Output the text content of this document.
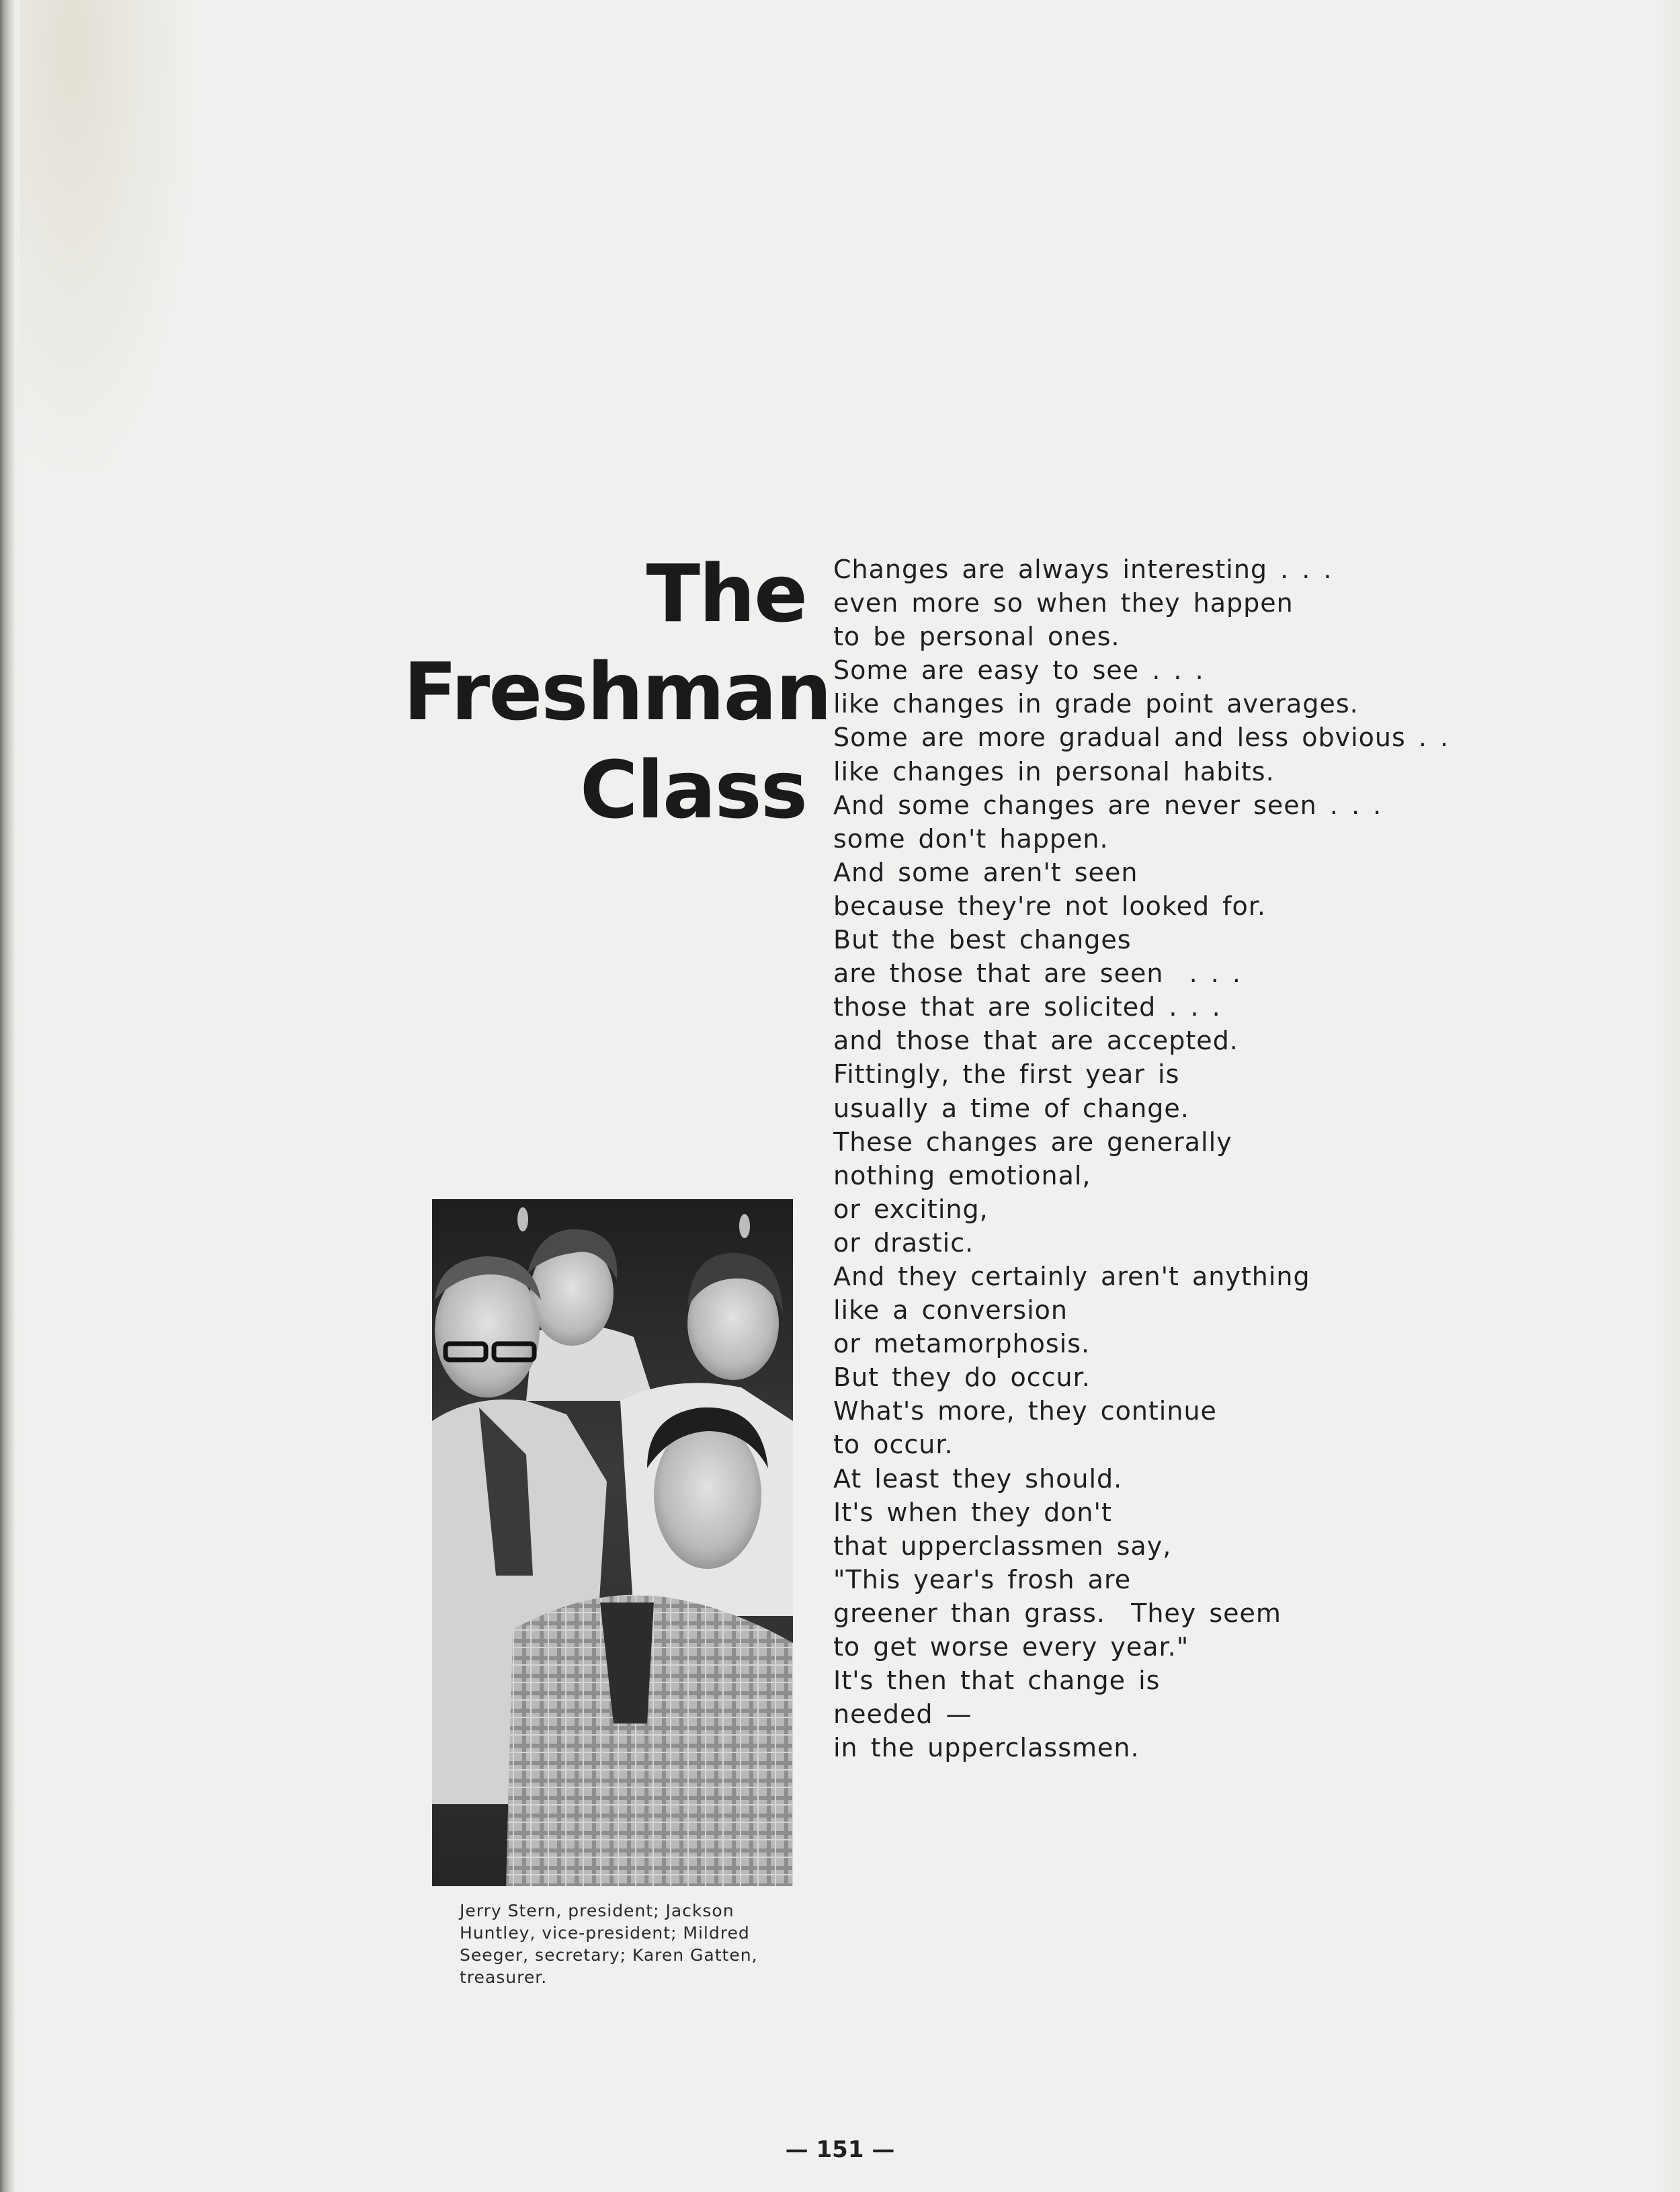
The
Freshman
Class
Changes are always interesting . . .
even more so when they happen
to be personal ones.
Some are easy to see . . .
like changes in grade point averages.
Some are more gradual and less obvious . .
like changes in personal habits.
And some changes are never seen . . .
some don't happen.
And some aren't seen
because they're not looked for.
But the best changes
are those that are seen  . . .
those that are solicited . . .
and those that are accepted.
Fittingly, the first year is
usually a time of change.
These changes are generally
nothing emotional,
or exciting,
or drastic.
And they certainly aren't anything
like a conversion
or metamorphosis.
But they do occur.
What's more, they continue
to occur.
At least they should.
It's when they don't
that upperclassmen say,
"This year's frosh are
greener than grass.  They seem
to get worse every year."
It's then that change is
needed —
in the upperclassmen.
Jerry Stern, president; Jackson Huntley, vice-president; Mildred Seeger, secretary; Karen Gatten, treasurer.
— 151 —
